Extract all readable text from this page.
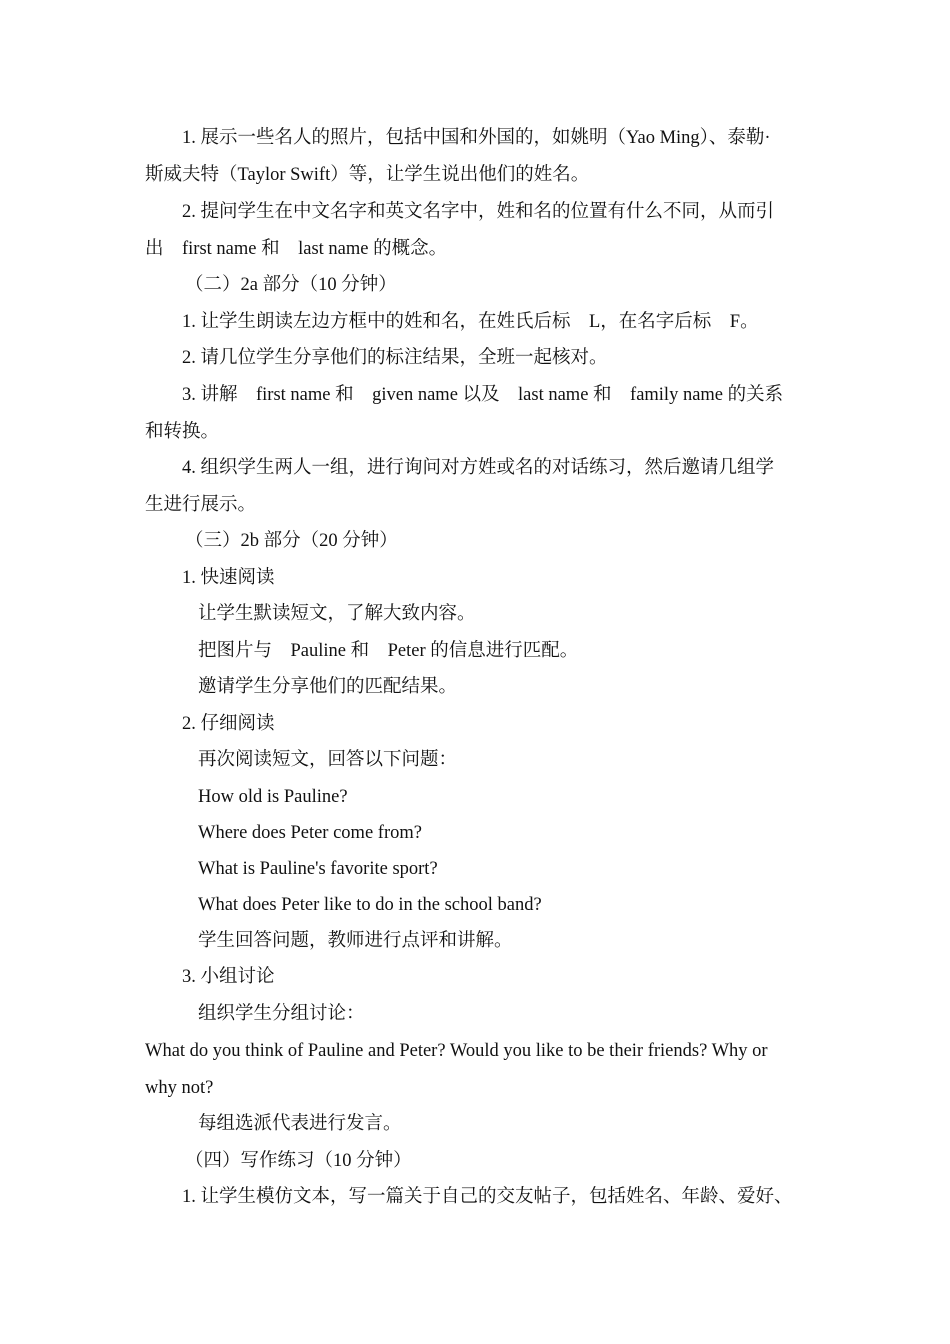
1. 展示一些名人的照片，包括中国和外国的，如姚明（Yao Ming）、泰勒·
斯威夫特（Taylor Swift）等，让学生说出他们的姓名。
2. 提问学生在中文名字和英文名字中，姓和名的位置有什么不同，从而引
出    first name 和    last name 的概念。
（二）2a 部分（10 分钟）
1. 让学生朗读左边方框中的姓和名，在姓氏后标    L，在名字后标    F。
2. 请几位学生分享他们的标注结果，全班一起核对。
3. 讲解    first name 和    given name 以及    last name 和    family name 的关系
和转换。
4. 组织学生两人一组，进行询问对方姓或名的对话练习，然后邀请几组学
生进行展示。
（三）2b 部分（20 分钟）
1. 快速阅读
让学生默读短文，了解大致内容。
把图片与    Pauline 和    Peter 的信息进行匹配。
邀请学生分享他们的匹配结果。
2. 仔细阅读
再次阅读短文，回答以下问题：
How old is Pauline?
Where does Peter come from?
What is Pauline's favorite sport?
What does Peter like to do in the school band?
学生回答问题，教师进行点评和讲解。
3. 小组讨论
组织学生分组讨论：
What do you think of Pauline and Peter? Would you like to be their friends? Why or
why not?
每组选派代表进行发言。
（四）写作练习（10 分钟）
1. 让学生模仿文本，写一篇关于自己的交友帖子，包括姓名、年龄、爱好、
